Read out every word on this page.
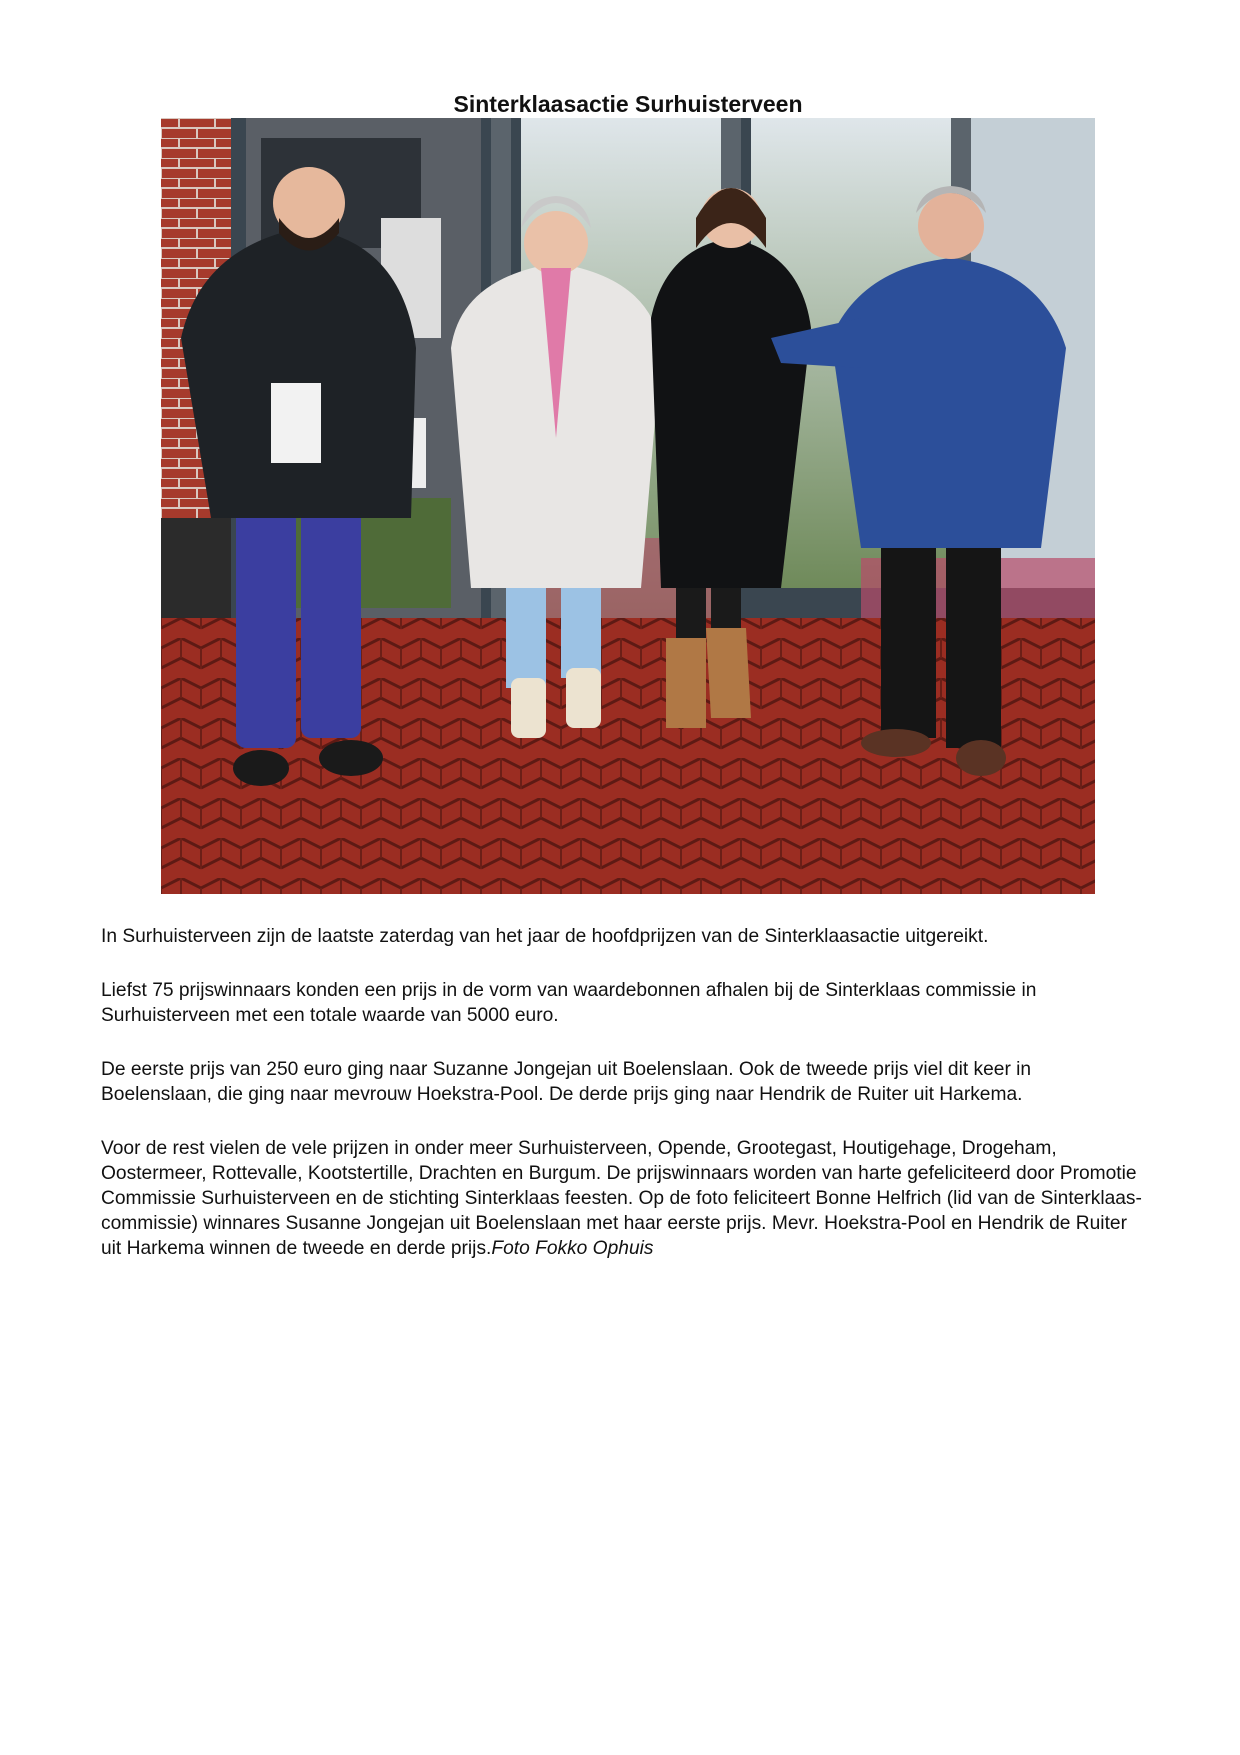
Sinterklaasactie Surhuisterveen

In Surhuisterveen zijn de laatste zaterdag van het jaar de hoofdprijzen van de Sinterklaasactie uitgereikt.

Liefst 75 prijswinnaars konden een prijs in de vorm van waardebonnen afhalen bij de Sinterklaas commissie in Surhuisterveen met een totale waarde van 5000 euro.

De eerste prijs van 250 euro ging naar Suzanne Jongejan uit Boelenslaan. Ook de tweede prijs viel dit keer in Boelenslaan, die ging naar mevrouw Hoekstra-Pool. De derde prijs ging naar Hendrik de Ruiter uit Harkema.

Voor de rest vielen de vele prijzen in onder meer Surhuisterveen, Opende, Grootegast, Houtigehage, Drogeham, Oostermeer, Rottevalle, Kootstertille, Drachten en Burgum. De prijswinnaars worden van harte gefeliciteerd door Promotie Commissie Surhuisterveen en de stichting Sinterklaas feesten. Op de foto feliciteert Bonne Helfrich (lid van de Sinterklaas-commissie) winnares Susanne Jongejan uit Boelenslaan met haar eerste prijs. Mevr. Hoekstra-Pool en Hendrik de Ruiter uit Harkema winnen de tweede en derde prijs.Foto Fokko Ophuis
